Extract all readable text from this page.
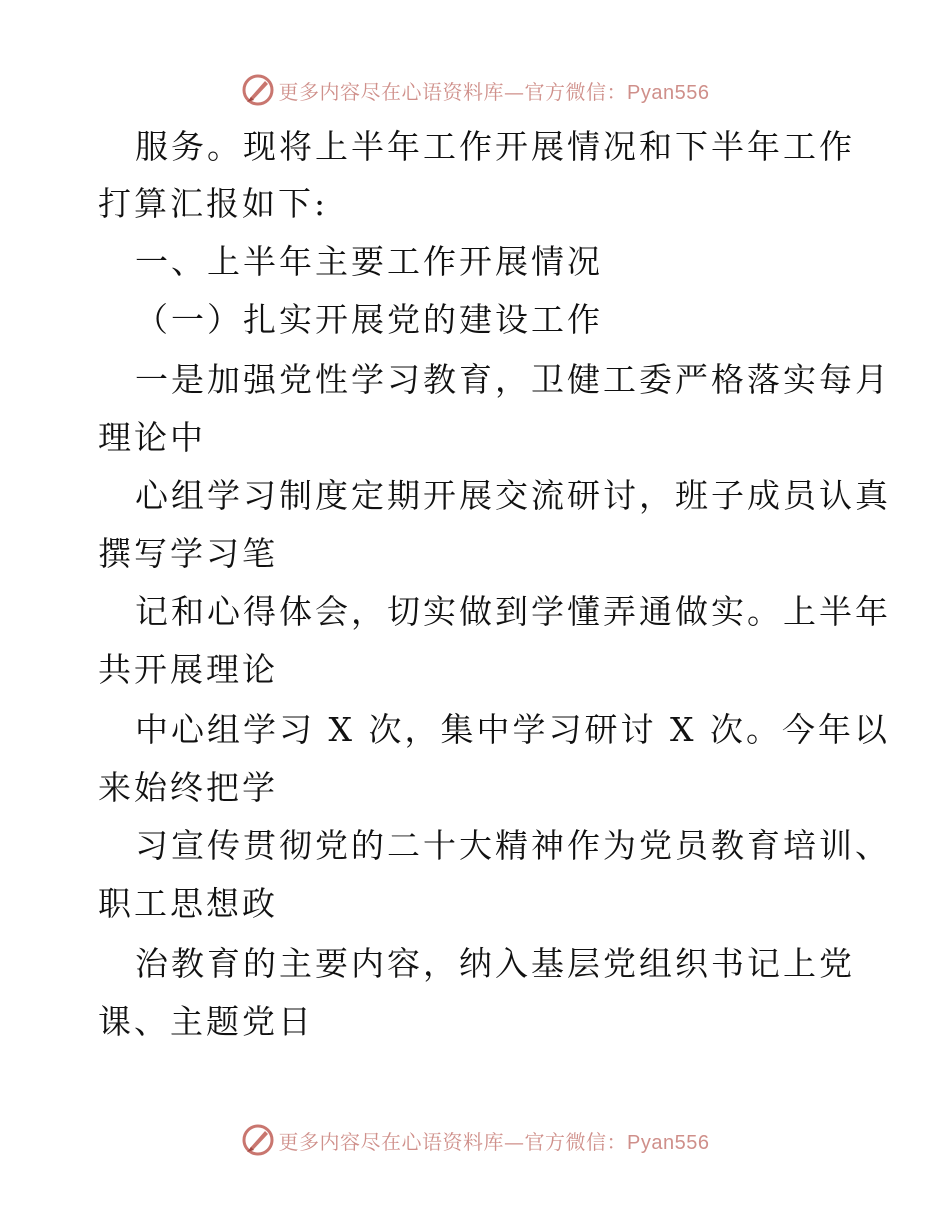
更多内容尽在心语资料库—官方微信：Pyan556
服务。现将上半年工作开展情况和下半年工作
打算汇报如下:
一、上半年主要工作开展情况
（一）扎实开展党的建设工作
一是加强党性学习教育，卫健工委严格落实每月
理论中
心组学习制度定期开展交流研讨，班子成员认真
撰写学习笔
记和心得体会，切实做到学懂弄通做实。上半年
共开展理论
中心组学习 X 次，集中学习研讨 X 次。今年以
来始终把学
习宣传贯彻党的二十大精神作为党员教育培训、
职工思想政
治教育的主要内容，纳入基层党组织书记上党
课、主题党日
更多内容尽在心语资料库—官方微信：Pyan556
